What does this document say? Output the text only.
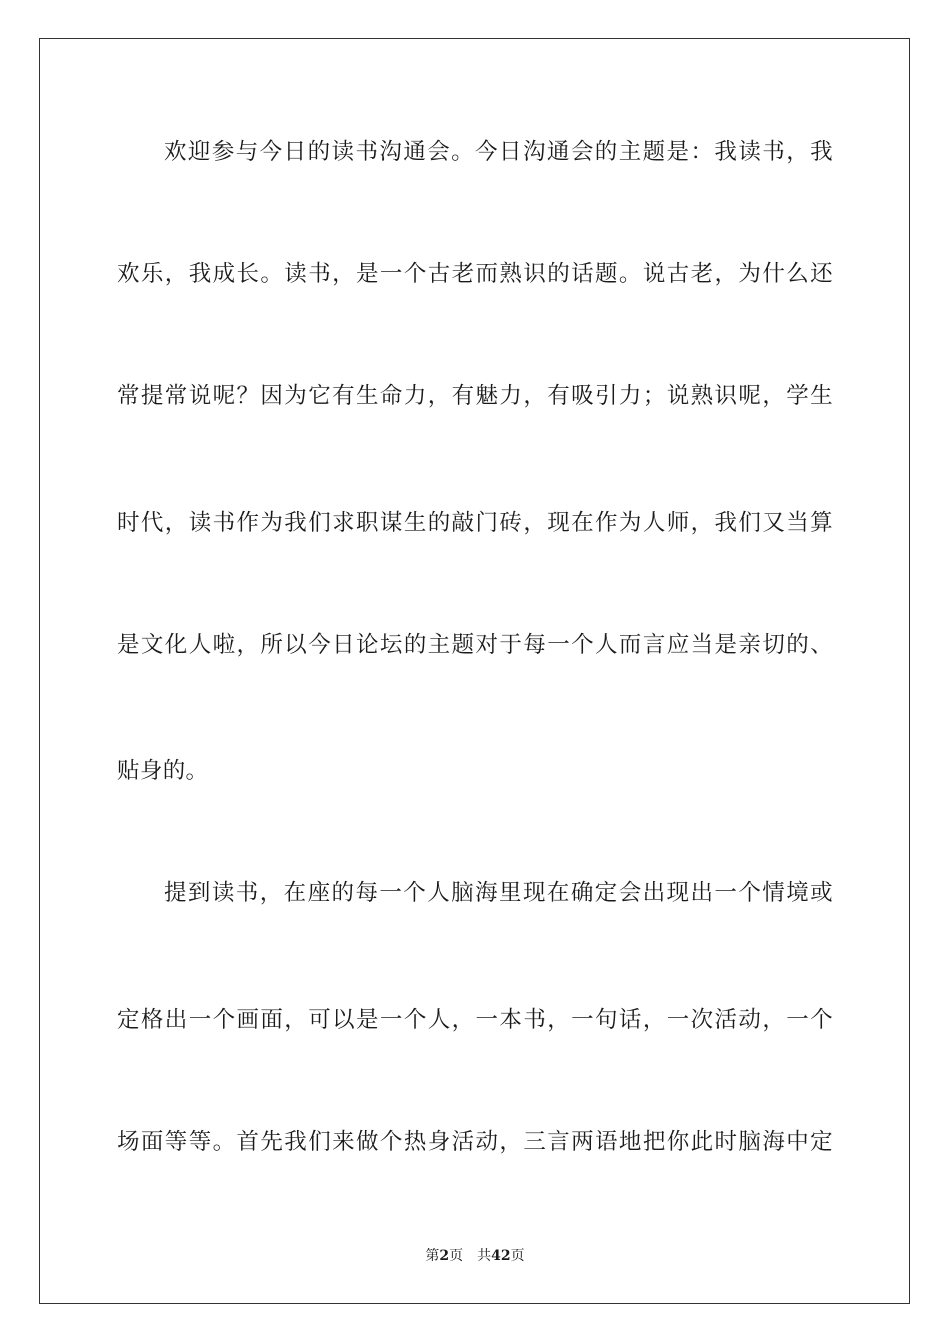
欢迎参与今日的读书沟通会。今日沟通会的主题是：我读书，我
欢乐，我成长。读书，是一个古老而熟识的话题。说古老，为什么还
常提常说呢？因为它有生命力，有魅力，有吸引力；说熟识呢，学生
时代，读书作为我们求职谋生的敲门砖，现在作为人师，我们又当算
是文化人啦，所以今日论坛的主题对于每一个人而言应当是亲切的、
贴身的。
提到读书，在座的每一个人脑海里现在确定会出现出一个情境或
定格出一个画面，可以是一个人，一本书，一句话，一次活动，一个
场面等等。首先我们来做个热身活动，三言两语地把你此时脑海中定
第2页 共42页
